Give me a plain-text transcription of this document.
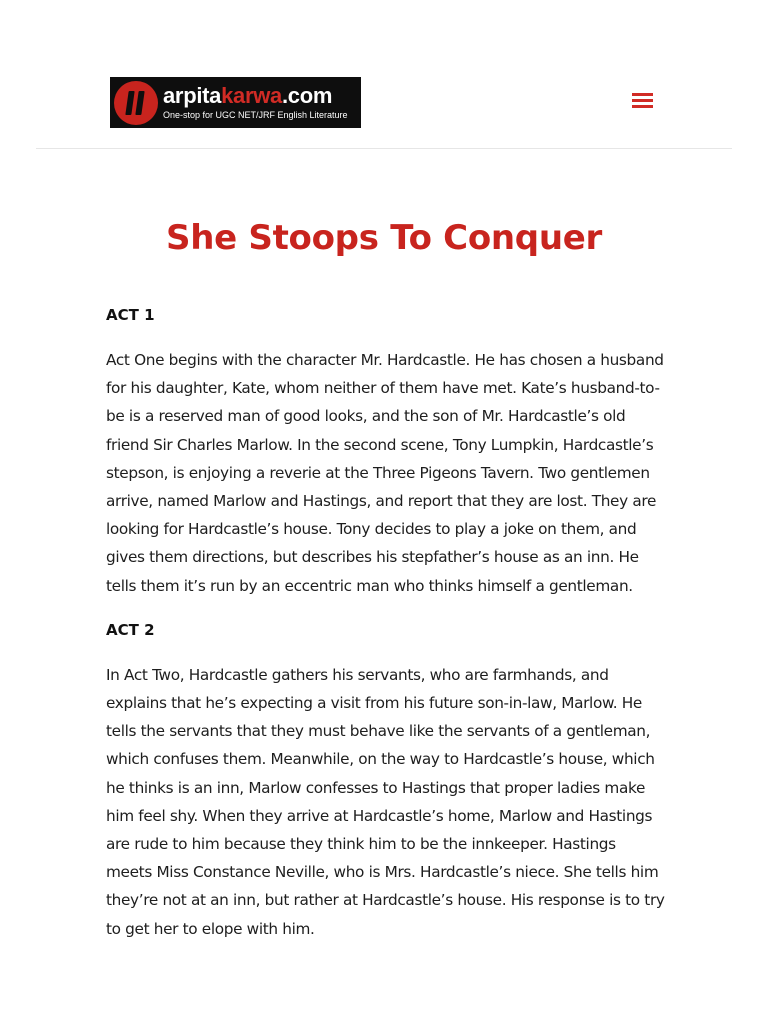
arpitakarwa.com
One-stop for UGC NET/JRF English Literature
She Stoops To Conquer

ACT 1

Act One begins with the character Mr. Hardcastle. He has chosen a husband for his daughter, Kate, whom neither of them have met. Kate’s husband-to-be is a reserved man of good looks, and the son of Mr. Hardcastle’s old friend Sir Charles Marlow. In the second scene, Tony Lumpkin, Hardcastle’s stepson, is enjoying a reverie at the Three Pigeons Tavern. Two gentlemen arrive, named Marlow and Hastings, and report that they are lost. They are looking for Hardcastle’s house. Tony decides to play a joke on them, and gives them directions, but describes his stepfather’s house as an inn. He tells them it’s run by an eccentric man who thinks himself a gentleman.

ACT 2

In Act Two, Hardcastle gathers his servants, who are farmhands, and explains that he’s expecting a visit from his future son-in-law, Marlow. He tells the servants that they must behave like the servants of a gentleman, which confuses them. Meanwhile, on the way to Hardcastle’s house, which he thinks is an inn, Marlow confesses to Hastings that proper ladies make him feel shy. When they arrive at Hardcastle’s home, Marlow and Hastings are rude to him because they think him to be the innkeeper. Hastings meets Miss Constance Neville, who is Mrs. Hardcastle’s niece. She tells him they’re not at an inn, but rather at Hardcastle’s house. His response is to try to get her to elope with him.
